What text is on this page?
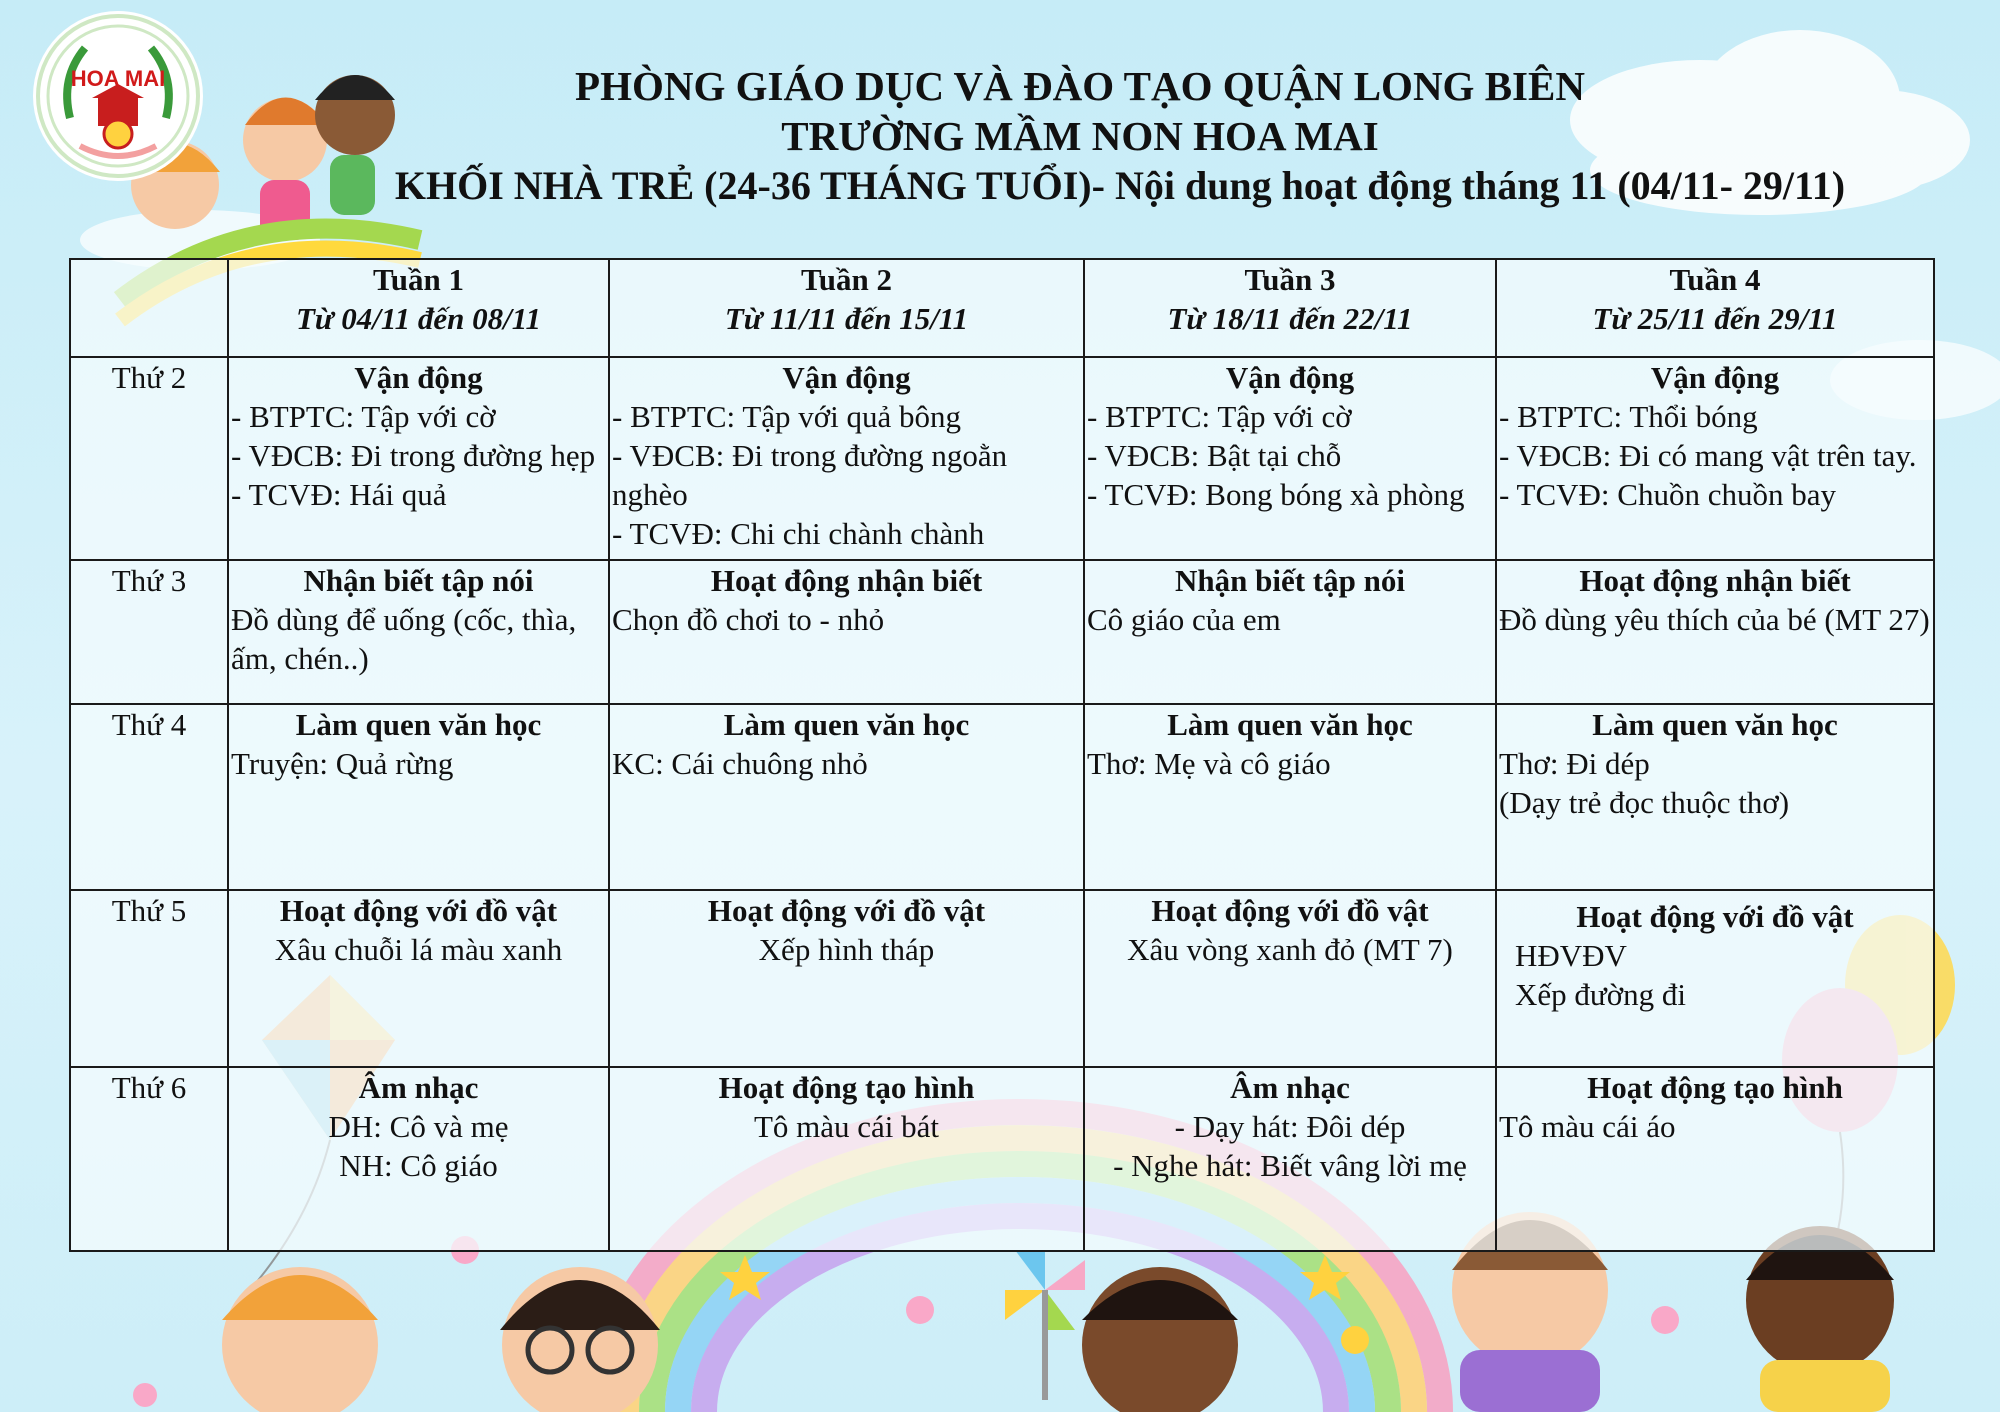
HOA MAI	PHÒNG GIÁO DỤC VÀ ĐÀO TẠO QUẬN LONG BIÊN
TRƯỜNG MẦM NON HOA MAI
KHỐI NHÀ TRẺ (24-36 THÁNG TUỔI)- Nội dung hoạt động tháng 11 (04/11- 29/11)

	Tuần 1
Từ 04/11 đến 08/11	Tuần 2
Từ 11/11 đến 15/11	Tuần 3
Từ 18/11 đến 22/11	Tuần 4
Từ 25/11 đến 29/11

Thứ 2	Vận động
- BTPTC: Tập với cờ
- VĐCB: Đi trong đường hẹp
- TCVĐ: Hái quả	Vận động
- BTPTC: Tập với quả bông
- VĐCB: Đi trong đường ngoằn nghèo
- TCVĐ: Chi chi chành chành	Vận động
- BTPTC: Tập với cờ
- VĐCB: Bật tại chỗ
- TCVĐ: Bong bóng xà phòng	Vận động
- BTPTC: Thổi bóng
- VĐCB: Đi có mang vật trên tay.
- TCVĐ: Chuồn chuồn bay

Thứ 3	Nhận biết tập nói
Đồ dùng để uống (cốc, thìa, ấm, chén..)	Hoạt động nhận biết
Chọn đồ chơi to - nhỏ	Nhận biết tập nói
Cô giáo của em	Hoạt động nhận biết
Đồ dùng yêu thích của bé (MT 27)

Thứ 4	Làm quen văn học
Truyện: Quả rừng	Làm quen văn học
KC: Cái chuông nhỏ	Làm quen văn học
Thơ: Mẹ và cô giáo	Làm quen văn học
Thơ: Đi dép
(Dạy trẻ đọc thuộc thơ)

Thứ 5	Hoạt động với đồ vật
Xâu chuỗi lá màu xanh	Hoạt động với đồ vật
Xếp hình tháp	Hoạt động với đồ vật
Xâu vòng xanh đỏ (MT 7)	Hoạt động với đồ vật
HĐVĐV
Xếp đường đi

Thứ 6	Âm nhạc
DH: Cô và mẹ
NH: Cô giáo	Hoạt động tạo hình
Tô màu cái bát	Âm nhạc
- Dạy hát: Đôi dép
- Nghe hát: Biết vâng lời mẹ	Hoạt động tạo hình
Tô màu cái áo
